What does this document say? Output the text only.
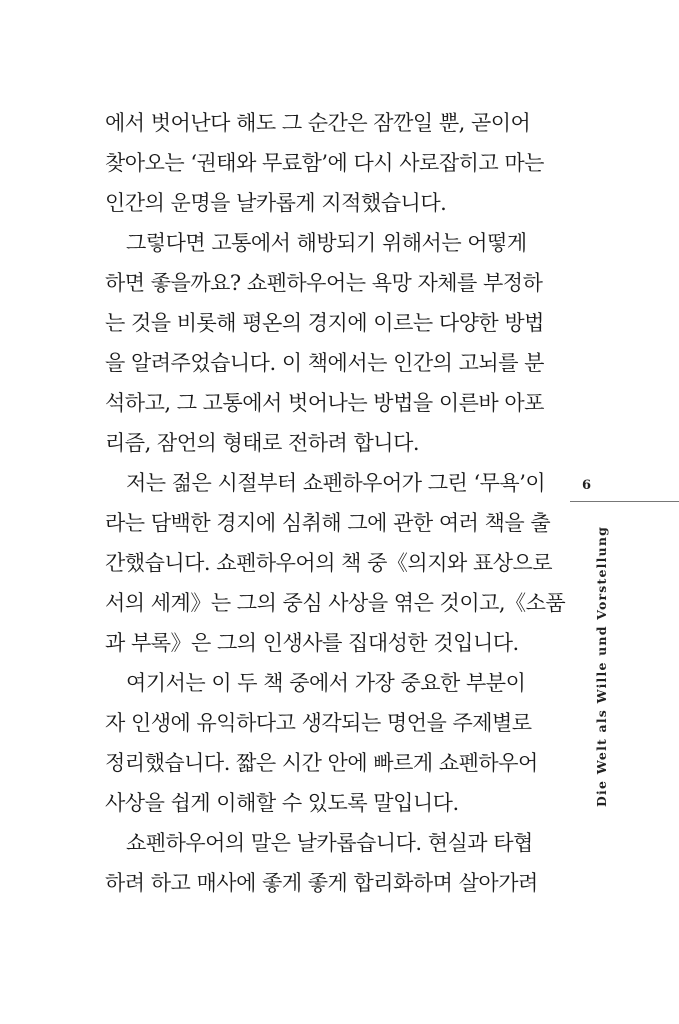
에서 벗어난다 해도 그 순간은 잠깐일 뿐, 곧이어
찾아오는 ‘권태와 무료함’에 다시 사로잡히고 마는
인간의 운명을 날카롭게 지적했습니다.
그렇다면 고통에서 해방되기 위해서는 어떻게
하면 좋을까요? 쇼펜하우어는 욕망 자체를 부정하
는 것을 비롯해 평온의 경지에 이르는 다양한 방법
을 알려주었습니다. 이 책에서는 인간의 고뇌를 분
석하고, 그 고통에서 벗어나는 방법을 이른바 아포
리즘, 잠언의 형태로 전하려 합니다.
저는 젊은 시절부터 쇼펜하우어가 그린 ‘무욕’이
라는 담백한 경지에 심취해 그에 관한 여러 책을 출
간했습니다. 쇼펜하우어의 책 중《의지와 표상으로
서의 세계》는 그의 중심 사상을 엮은 것이고,《소품
과 부록》은 그의 인생사를 집대성한 것입니다.
여기서는 이 두 책 중에서 가장 중요한 부분이
자 인생에 유익하다고 생각되는 명언을 주제별로
정리했습니다. 짧은 시간 안에 빠르게 쇼펜하우어
사상을 쉽게 이해할 수 있도록 말입니다.
쇼펜하우어의 말은 날카롭습니다. 현실과 타협
하려 하고 매사에 좋게 좋게 합리화하며 살아가려
6
Die Welt als Wille und Vorstellung
